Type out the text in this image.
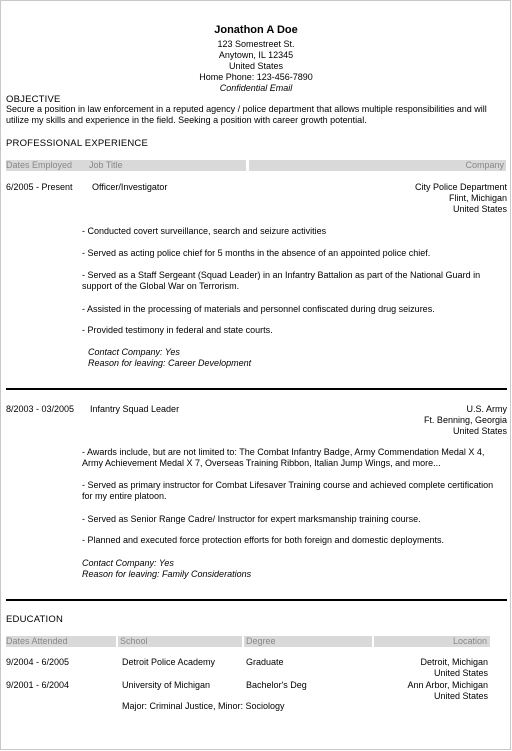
Jonathon A Doe
123 Somestreet St.
Anytown, IL 12345
United States
Home Phone: 123-456-7890
Confidential Email
OBJECTIVE
Secure a position in law enforcement in a reputed agency / police department that allows multiple responsibilities and will utilize my skills and experience in the field. Seeking a position with career growth potential.
PROFESSIONAL EXPERIENCE
Dates Employed Job Title	Company
6/2005 - Present Officer/Investigator	City Police Department
Flint, Michigan
United States
- Conducted covert surveillance, search and seizure activities
- Served as acting police chief for 5 months in the absence of an appointed police chief.
- Served as a Staff Sergeant (Squad Leader) in an Infantry Battalion as part of the National Guard in support of the Global War on Terrorism.
- Assisted in the processing of materials and personnel confiscated during drug seizures.
- Provided testimony in federal and state courts.
Contact Company: Yes
Reason for leaving: Career Development
8/2003 - 03/2005 Infantry Squad Leader	U.S. Army
Ft. Benning, Georgia
United States
- Awards include, but are not limited to: The Combat Infantry Badge, Army Commendation Medal X 4, Army Achievement Medal X 7, Overseas Training Ribbon, Italian Jump Wings, and more...
- Served as primary instructor for Combat Lifesaver Training course and achieved complete certification for my entire platoon.
- Served as Senior Range Cadre/ Instructor for expert marksmanship training course.
- Planned and executed force protection efforts for both foreign and domestic deployments.
Contact Company: Yes
Reason for leaving: Family Considerations
EDUCATION
Dates Attended	School	Degree	Location
9/2004 - 6/2005	Detroit Police Academy	Graduate	Detroit, Michigan
United States
9/2001 - 6/2004	University of Michigan	Bachelor's Deg	Ann Arbor, Michigan
United States
Major: Criminal Justice, Minor: Sociology
